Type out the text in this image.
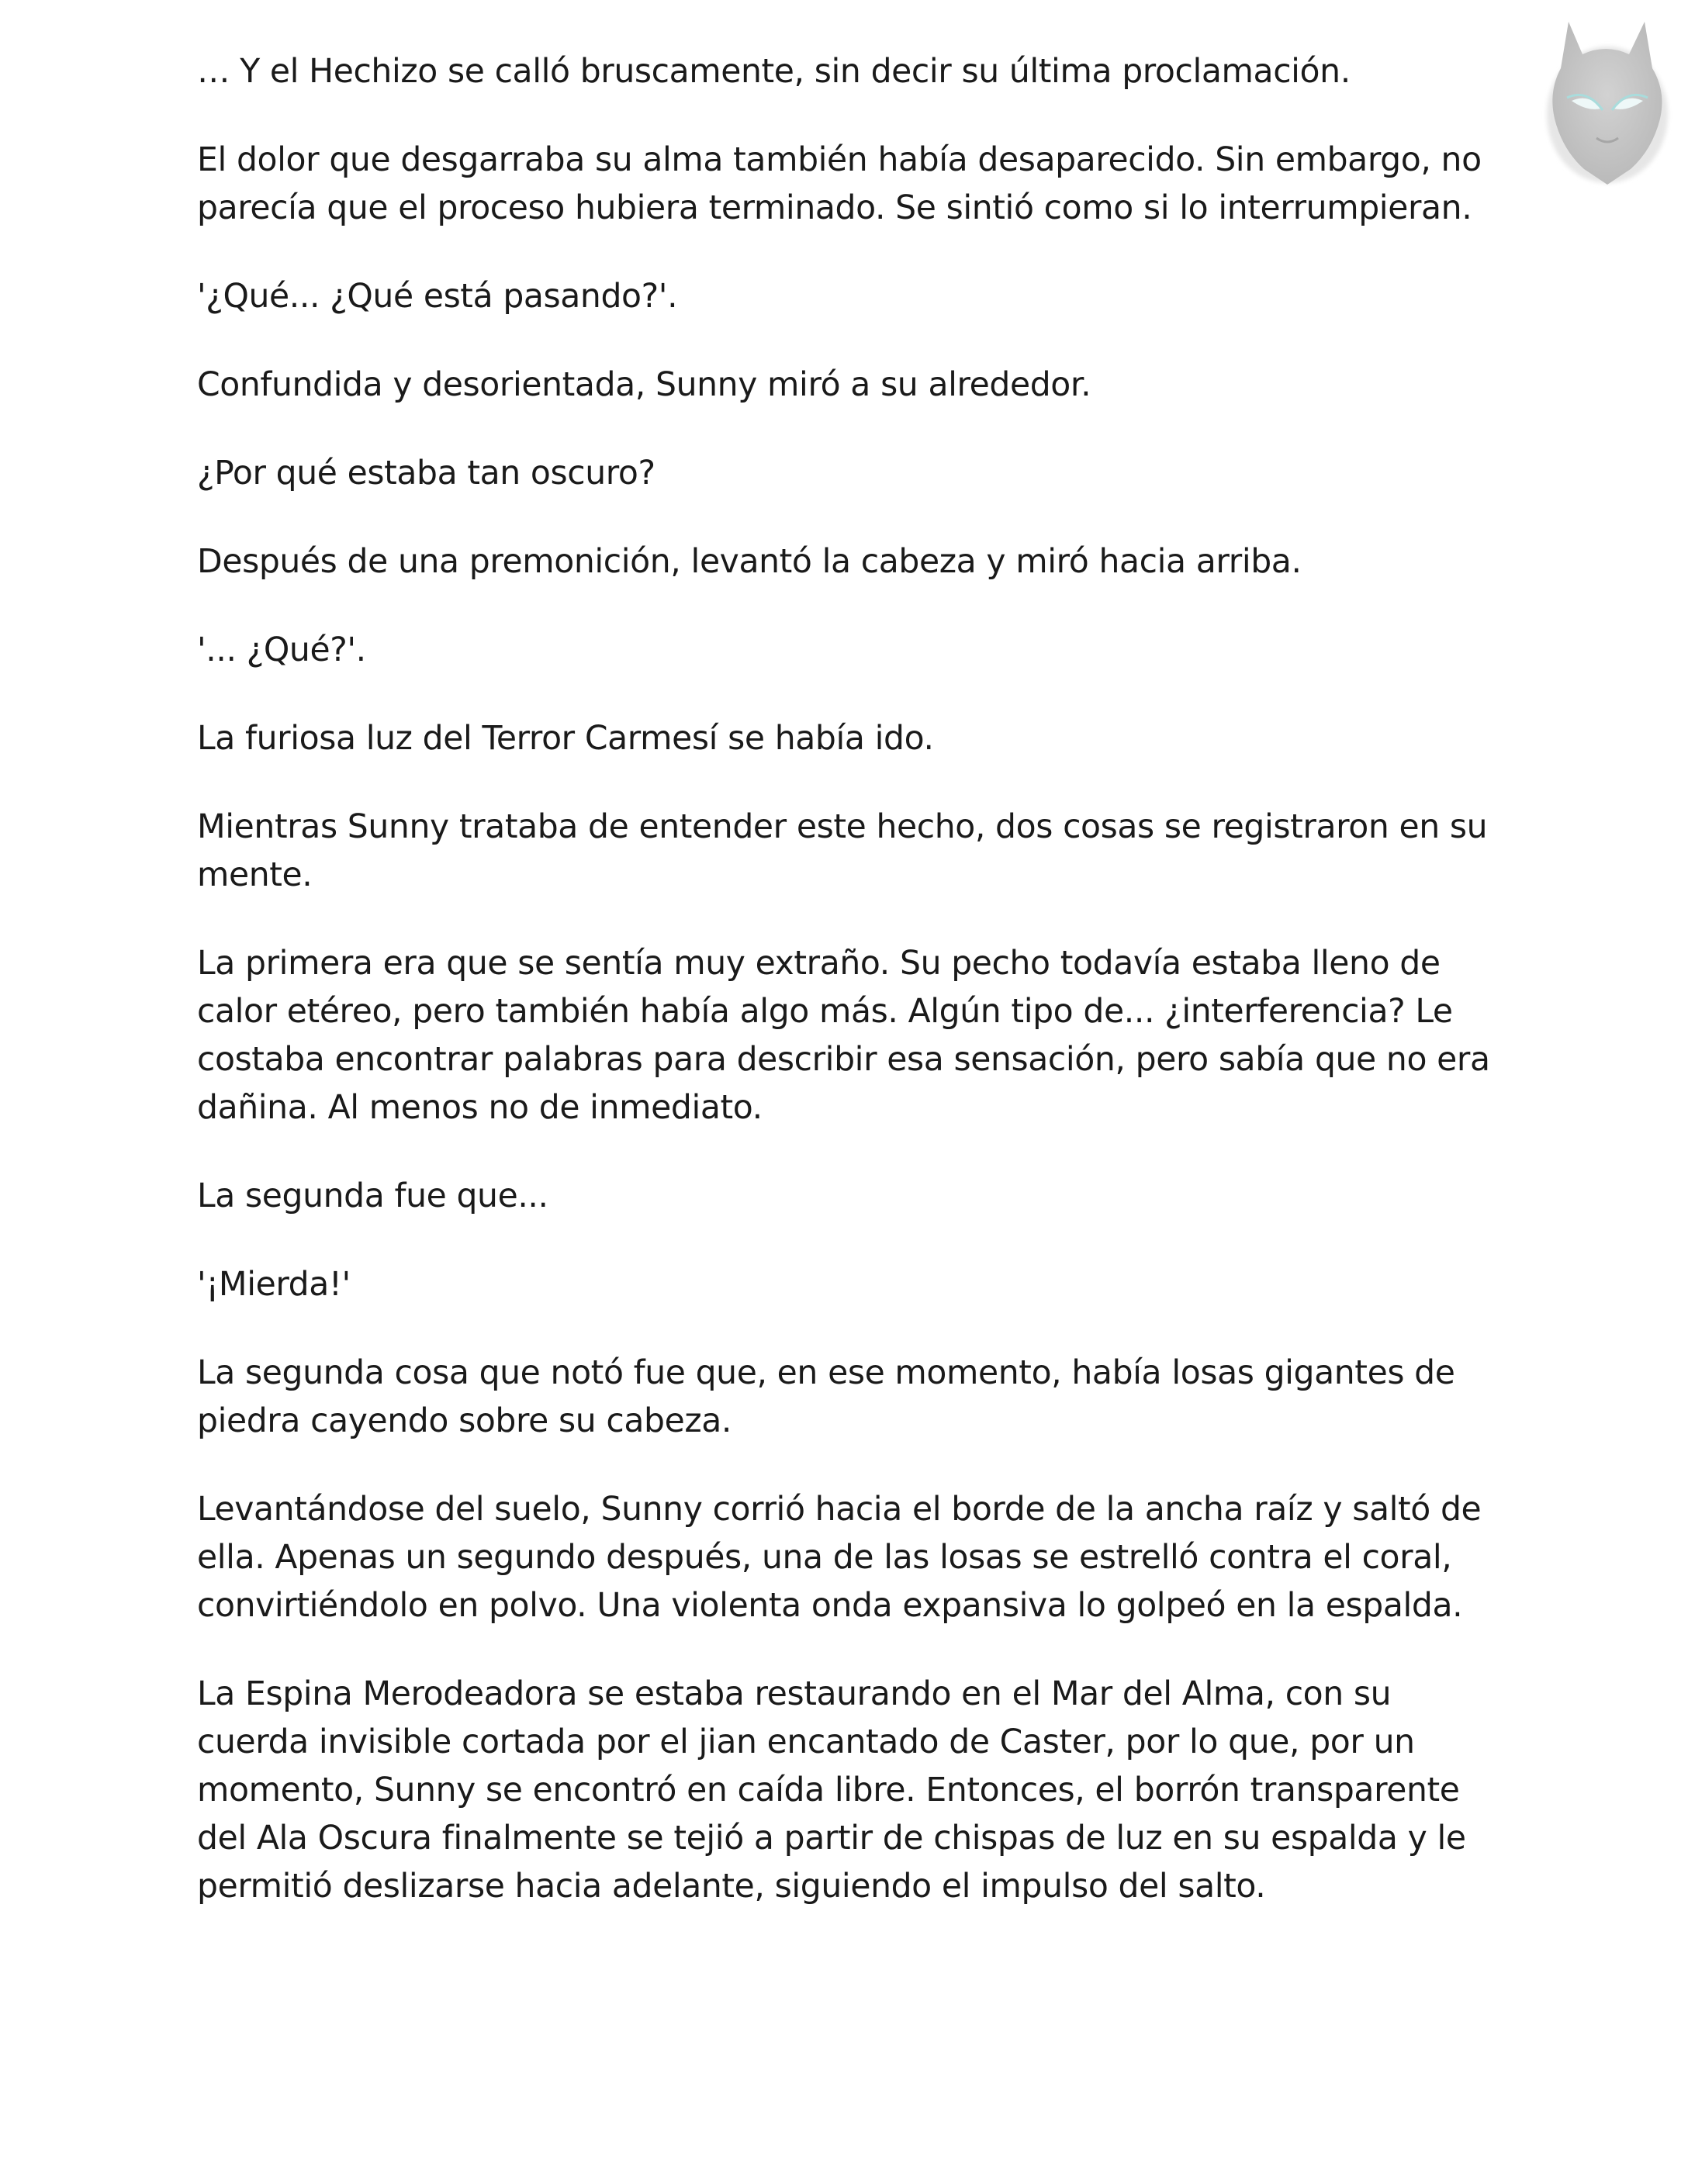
… Y el Hechizo se calló bruscamente, sin decir su última proclamación.

El dolor que desgarraba su alma también había desaparecido. Sin embargo, no parecía que el proceso hubiera terminado. Se sintió como si lo interrumpieran.

'¿Qué... ¿Qué está pasando?'.

Confundida y desorientada, Sunny miró a su alrededor.

¿Por qué estaba tan oscuro?

Después de una premonición, levantó la cabeza y miró hacia arriba.

'... ¿Qué?'.

La furiosa luz del Terror Carmesí se había ido.

Mientras Sunny trataba de entender este hecho, dos cosas se registraron en su mente.

La primera era que se sentía muy extraño. Su pecho todavía estaba lleno de calor etéreo, pero también había algo más. Algún tipo de... ¿interferencia? Le costaba encontrar palabras para describir esa sensación, pero sabía que no era dañina. Al menos no de inmediato.

La segunda fue que...

'¡Mierda!'

La segunda cosa que notó fue que, en ese momento, había losas gigantes de piedra cayendo sobre su cabeza.

Levantándose del suelo, Sunny corrió hacia el borde de la ancha raíz y saltó de ella. Apenas un segundo después, una de las losas se estrelló contra el coral, convirtiéndolo en polvo. Una violenta onda expansiva lo golpeó en la espalda.

La Espina Merodeadora se estaba restaurando en el Mar del Alma, con su cuerda invisible cortada por el jian encantado de Caster, por lo que, por un momento, Sunny se encontró en caída libre. Entonces, el borrón transparente del Ala Oscura finalmente se tejió a partir de chispas de luz en su espalda y le permitió deslizarse hacia adelante, siguiendo el impulso del salto.
